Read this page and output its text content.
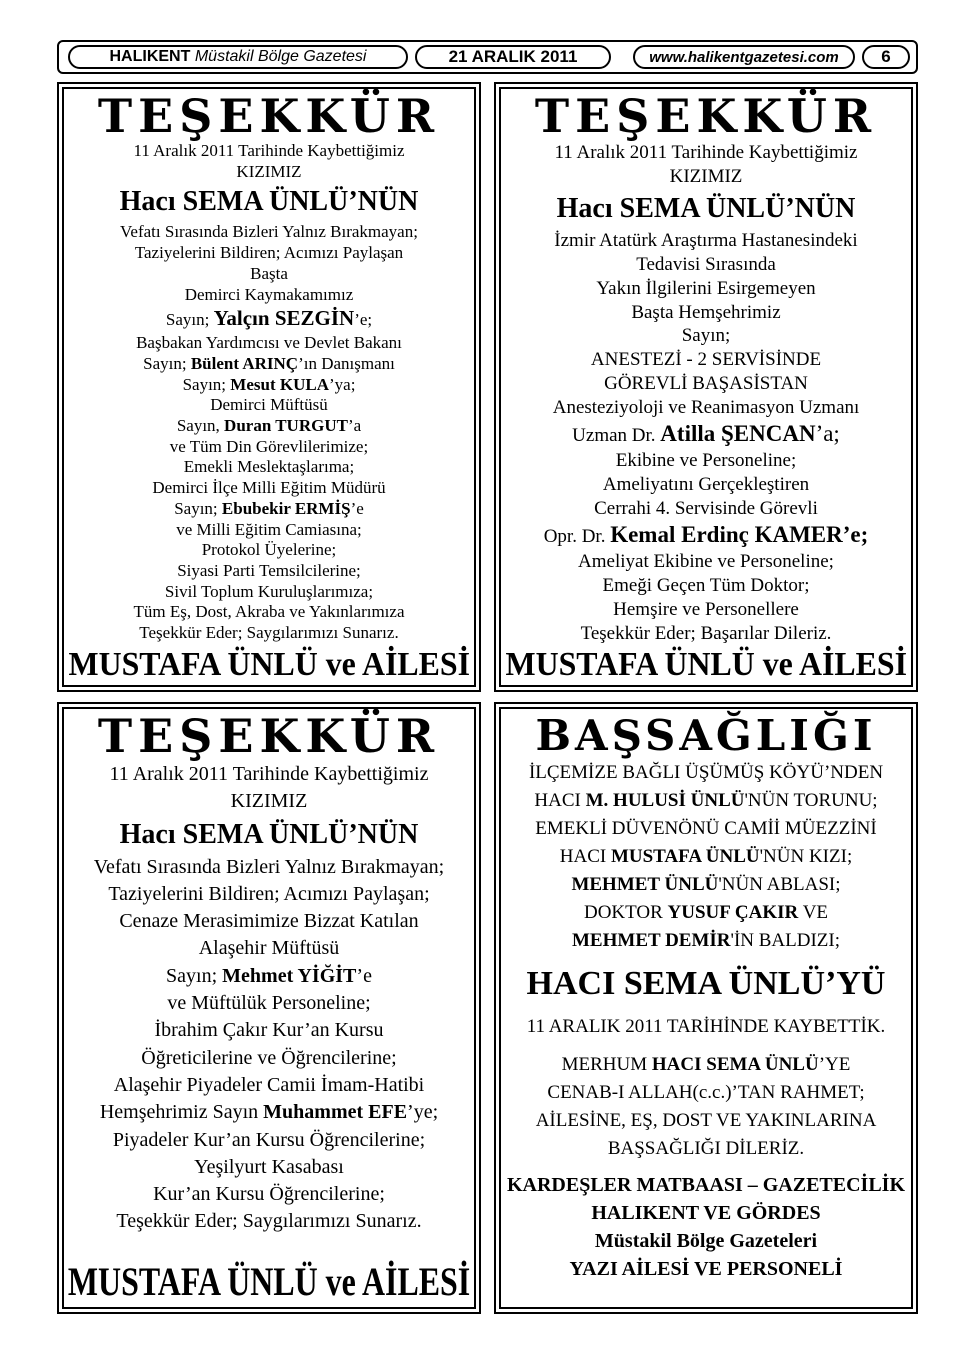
HALIKENT
Müstakil Bölge Gazetesi	21 ARALIK 2011	www.halikentgazetesi.com	6
TEŞEKKÜR
11 Aralık 2011 Tarihinde Kaybettiğimiz
KIZIMIZ
Hacı SEMA ÜNLÜ’NÜN
Vefatı Sırasında Bizleri Yalnız Bırakmayan;
Taziyelerini Bildiren; Acımızı Paylaşan
Başta
Demirci Kaymakamımız
Sayın; Yalçın SEZGİN’e;
Başbakan Yardımcısı ve Devlet Bakanı
Sayın; Bülent ARINÇ’ın Danışmanı
Sayın; Mesut KULA’ya;
Demirci Müftüsü
Sayın, Duran TURGUT’a
ve Tüm Din Görevlilerimize;
Emekli Meslektaşlarıma;
Demirci İlçe Milli Eğitim Müdürü
Sayın; Ebubekir ERMİŞ’e
ve Milli Eğitim Camiasına;
Protokol Üyelerine;
Siyasi Parti Temsilcilerine;
Sivil Toplum Kuruluşlarımıza;
Tüm Eş, Dost, Akraba ve Yakınlarımıza
Teşekkür Eder; Saygılarımızı Sunarız.
MUSTAFA ÜNLÜ ve AİLESİ
TEŞEKKÜR
11 Aralık 2011 Tarihinde Kaybettiğimiz
KIZIMIZ
Hacı SEMA ÜNLÜ’NÜN
İzmir Atatürk Araştırma Hastanesindeki
Tedavisi Sırasında
Yakın İlgilerini Esirgemeyen
Başta Hemşehrimiz
Sayın;
ANESTEZİ - 2 SERVİSİNDE
GÖREVLİ BAŞASİSTAN
Anesteziyoloji ve Reanimasyon Uzmanı
Uzman Dr. Atilla ŞENCAN’a;
Ekibine ve Personeline;
Ameliyatını Gerçekleştiren
Cerrahi 4. Servisinde Görevli
Opr. Dr. Kemal Erdinç KAMER’e;
Ameliyat Ekibine ve Personeline;
Emeği Geçen Tüm Doktor;
Hemşire ve Personellere
Teşekkür Eder; Başarılar Dileriz.
MUSTAFA ÜNLÜ ve AİLESİ
TEŞEKKÜR
11 Aralık 2011 Tarihinde Kaybettiğimiz
KIZIMIZ
Hacı SEMA ÜNLÜ’NÜN
Vefatı Sırasında Bizleri Yalnız Bırakmayan;
Taziyelerini Bildiren; Acımızı Paylaşan;
Cenaze Merasimimize Bizzat Katılan
Alaşehir Müftüsü
Sayın; Mehmet YİĞİT’e
ve Müftülük Personeline;
İbrahim Çakır Kur’an Kursu
Öğreticilerine ve Öğrencilerine;
Alaşehir Piyadeler Camii İmam-Hatibi
Hemşehrimiz Sayın Muhammet EFE’ye;
Piyadeler Kur’an Kursu Öğrencilerine;
Yeşilyurt Kasabası
Kur’an Kursu Öğrencilerine;
Teşekkür Eder; Saygılarımızı Sunarız.
MUSTAFA ÜNLÜ ve AİLESİ
BAŞSAĞLIĞI
İLÇEMİZE BAĞLI ÜŞÜMÜŞ KÖYÜ’NDEN
HACI M. HULUSİ ÜNLÜ'NÜN TORUNU;
EMEKLİ DÜVENÖNÜ CAMİİ MÜEZZİNİ
HACI MUSTAFA ÜNLÜ'NÜN KIZI;
MEHMET ÜNLÜ'NÜN ABLASI;
DOKTOR YUSUF ÇAKIR VE
MEHMET DEMİR'İN BALDIZI;
HACI SEMA ÜNLÜ’YÜ
11 ARALIK 2011 TARİHİNDE KAYBETTİK.
MERHUM HACI SEMA ÜNLÜ’YE
CENAB-I ALLAH(c.c.)’TAN RAHMET;
AİLESİNE, EŞ, DOST VE YAKINLARINA
BAŞSAĞLIĞI DİLERİZ.
KARDEŞLER MATBAASI – GAZETECİLİK
HALIKENT VE GÖRDES
Müstakil Bölge Gazeteleri
YAZI AİLESİ VE PERSONELİ
